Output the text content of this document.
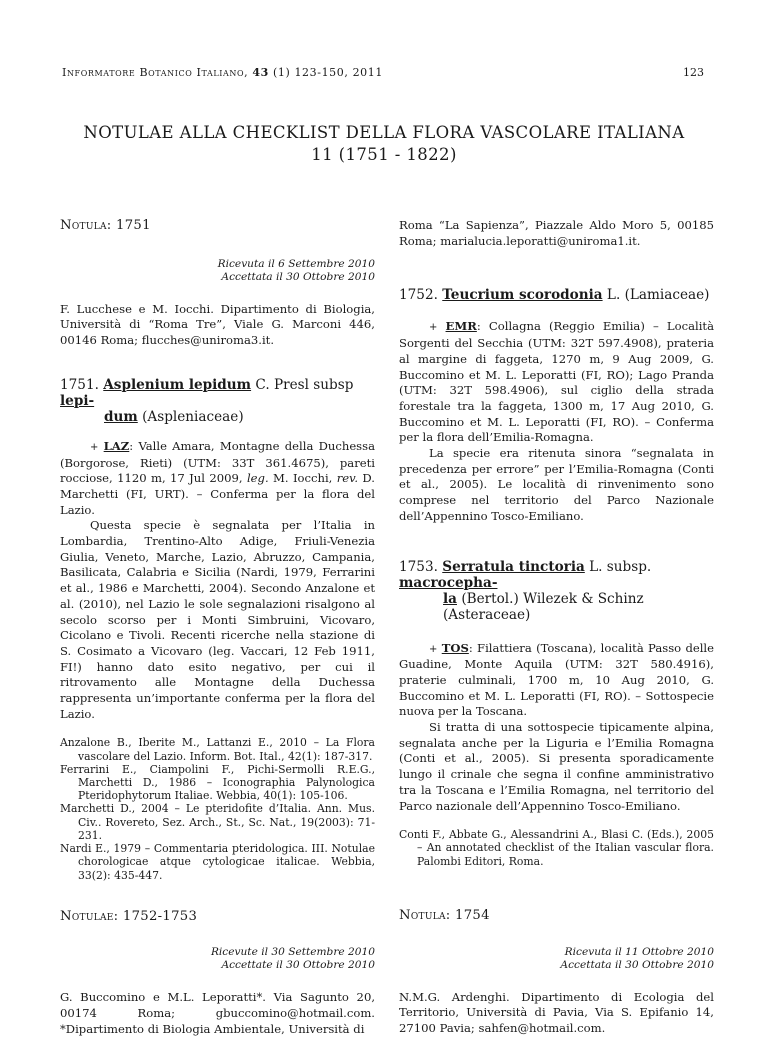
Informatore Botanico Italiano, 43 (1) 123-150, 2011	123
NOTULAE ALLA CHECKLIST DELLA FLORA VASCOLARE ITALIANA
11 (1751 - 1822)

Notula: 1751

Ricevuta il 6 Settembre 2010
Accettata il 30 Ottobre 2010

F. Lucchese e M. Iocchi. Dipartimento di Biologia, Università di “Roma Tre”, Viale G. Marconi 446, 00146 Roma; flucches@uniroma3.it.

1751. Asplenium lepidum C. Presl subsp lepi-
dum (Aspleniaceae)

+ LAZ: Valle Amara, Montagne della Duchessa (Borgorose, Rieti) (UTM: 33T 361.4675), pareti rocciose, 1120 m, 17 Jul 2009, leg. M. Iocchi, rev. D. Marchetti (FI, URT). – Conferma per la flora del Lazio.

Questa specie è segnalata per l’Italia in Lombardia, Trentino-Alto Adige, Friuli-Venezia Giulia, Veneto, Marche, Lazio, Abruzzo, Campania, Basilicata, Calabria e Sicilia (Nardi, 1979, Ferrarini et al., 1986 e Marchetti, 2004). Secondo Anzalone et al. (2010), nel Lazio le sole segnalazioni risalgono al secolo scorso per i Monti Simbruini, Vicovaro, Cicolano e Tivoli. Recenti ricerche nella stazione di S. Cosimato a Vicovaro (leg. Vaccari, 12 Feb 1911, FI!) hanno dato esito negativo, per cui il ritrovamento alle Montagne della Duchessa rappresenta un’importante conferma per la flora del Lazio.

Anzalone B., Iberite M., Lattanzi E., 2010 – La Flora vascolare del Lazio. Inform. Bot. Ital., 42(1): 187-317.

Ferrarini E., Ciampolini F., Pichi-Sermolli R.E.G., Marchetti D., 1986 – Iconographia Palynologica Pteridophytorum Italiae. Webbia, 40(1): 105-106.

Marchetti D., 2004 – Le pteridofite d’Italia. Ann. Mus. Civ.. Rovereto, Sez. Arch., St., Sc. Nat., 19(2003): 71-231.

Nardi E., 1979 – Commentaria pteridologica. III. Notulae chorologicae atque cytologicae italicae. Webbia, 33(2): 435-447.

Notulae: 1752-1753

Ricevute il 30 Settembre 2010
Accettate il 30 Ottobre 2010

G. Buccomino e M.L. Leporatti*. Via Sagunto 20, 00174 Roma; gbuccomino@hotmail.com. *Dipartimento di Biologia Ambientale, Università di

Roma “La Sapienza”, Piazzale Aldo Moro 5, 00185 Roma; marialucia.leporatti@uniroma1.it.

1752. Teucrium scorodonia L. (Lamiaceae)

+ EMR: Collagna (Reggio Emilia) – Località Sorgenti del Secchia (UTM: 32T 597.4908), prateria al margine di faggeta, 1270 m, 9 Aug 2009, G. Buccomino et M. L. Leporatti (FI, RO); Lago Pranda (UTM: 32T 598.4906), sul ciglio della strada forestale tra la faggeta, 1300 m, 17 Aug 2010, G. Buccomino et M. L. Leporatti (FI, RO). – Conferma per la flora dell’Emilia-Romagna.

La specie era ritenuta sinora “segnalata in precedenza per errore” per l’Emilia-Romagna (Conti et al., 2005). Le località di rinvenimento sono comprese nel territorio del Parco Nazionale dell’Appennino Tosco-Emiliano.

1753. Serratula tinctoria L. subsp. macrocepha-
la (Bertol.) Wilezek & Schinz
(Asteraceae)

+ TOS: Filattiera (Toscana), località Passo delle Guadine, Monte Aquila (UTM: 32T 580.4916), praterie culminali, 1700 m, 10 Aug 2010, G. Buccomino et M. L. Leporatti (FI, RO). – Sottospecie nuova per la Toscana.

Si tratta di una sottospecie tipicamente alpina, segnalata anche per la Liguria e l’Emilia Romagna (Conti et al., 2005). Si presenta sporadicamente lungo il crinale che segna il confine amministrativo tra la Toscana e l’Emilia Romagna, nel territorio del Parco nazionale dell’Appennino Tosco-Emiliano.

Conti F., Abbate G., Alessandrini A., Blasi C. (Eds.), 2005 – An annotated checklist of the Italian vascular flora. Palombi Editori, Roma.

Notula: 1754

Ricevuta il 11 Ottobre 2010
Accettata il 30 Ottobre 2010

N.M.G. Ardenghi. Dipartimento di Ecologia del Territorio, Università di Pavia, Via S. Epifanio 14, 27100 Pavia; sahfen@hotmail.com.
